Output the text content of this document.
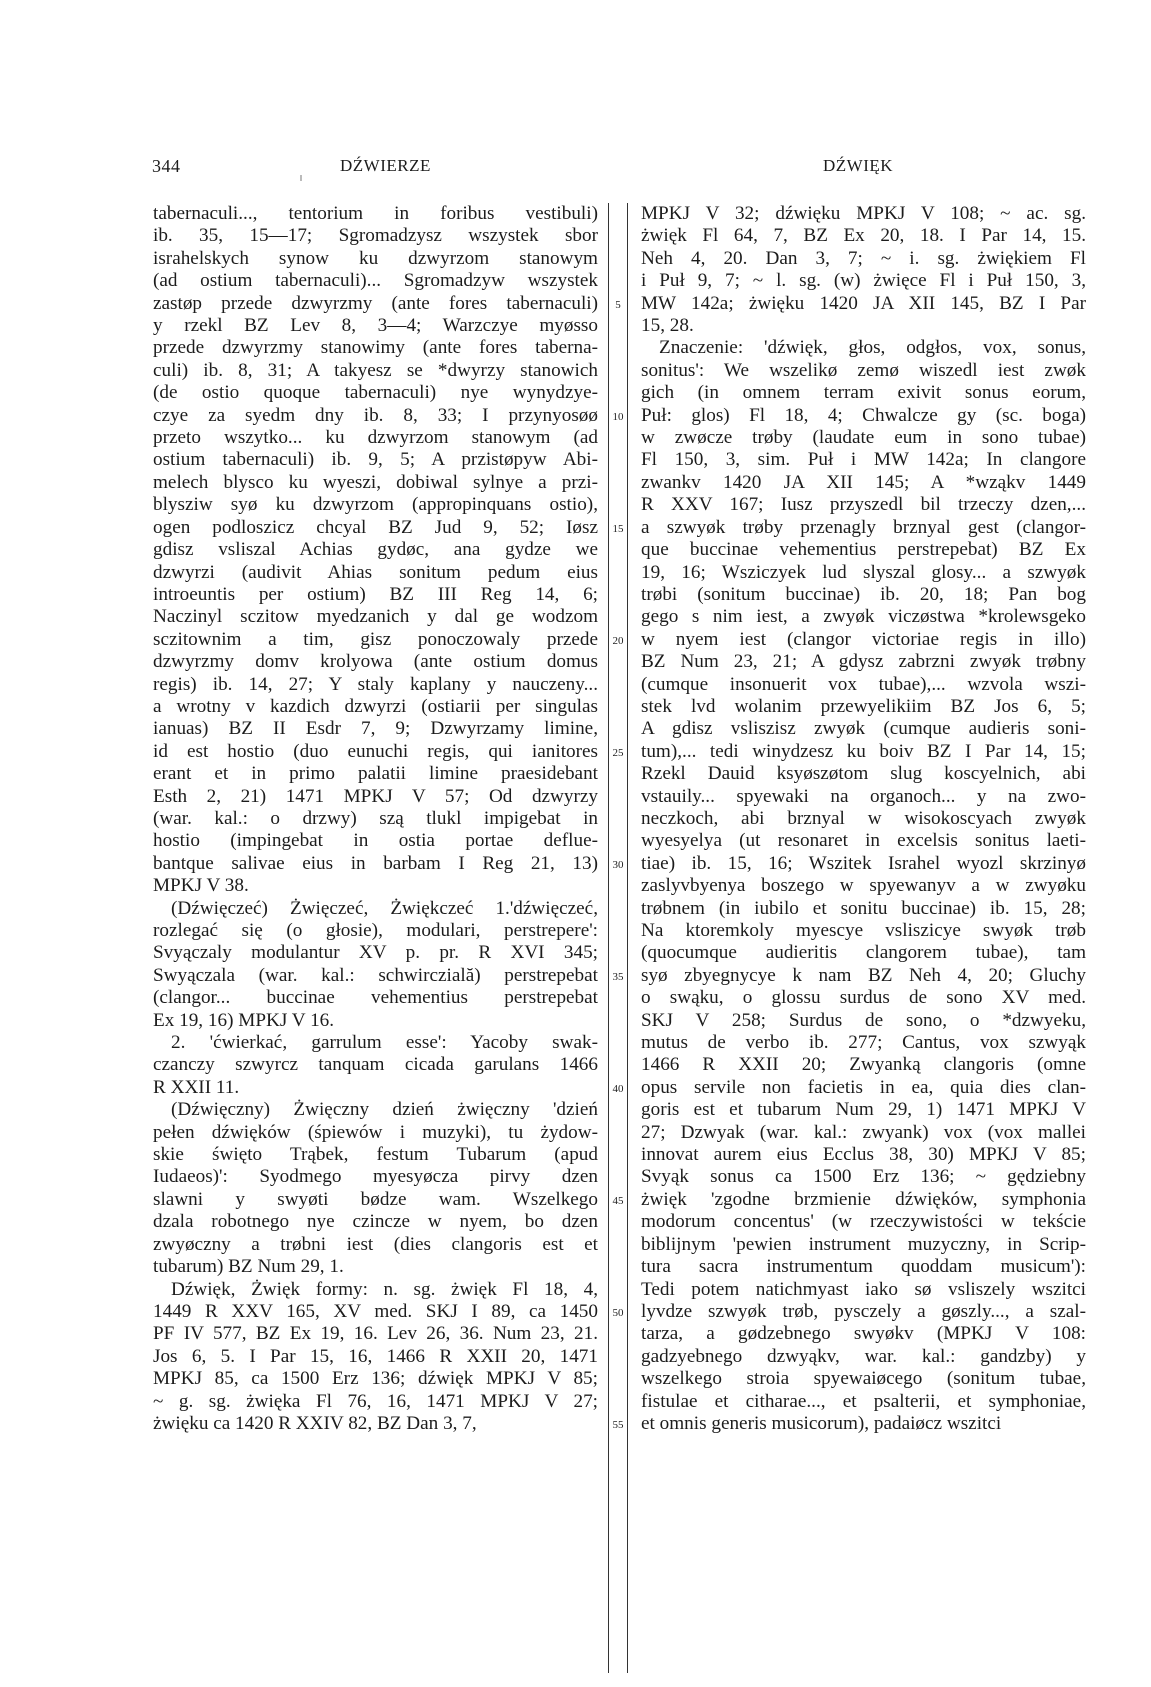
344	DŹWIERZE	DŹWIĘK
tabernaculi..., tentorium in foribus vestibuli)
ib. 35, 15—17; Sgromadzysz wszystek sbor
israhelskych synow ku dzwyrzom stanowym
(ad ostium tabernaculi)... Sgromadzyw wszystek
zastøp przede dzwyrzmy (ante fores tabernaculi)
y rzekl BZ Lev 8, 3—4; Warzczye myøsso
przede dzwyrzmy stanowimy (ante fores taberna-
culi) ib. 8, 31; A takyesz se *dwyrzy stanowich
(de ostio quoque tabernaculi) nye wynydzye-
czye za syedm dny ib. 8, 33; I przynyosøø
przeto wszytko... ku dzwyrzom stanowym (ad
ostium tabernaculi) ib. 9, 5; A przistøpyw Abi-
melech blysco ku wyeszi, dobiwal sylnye a przi-
blysziw syø ku dzwyrzom (appropinquans ostio),
ogen podloszicz chcyal BZ Jud 9, 52; Iøsz
gdisz vsliszal Achias gydøc, ana gydze we
dzwyrzi (audivit Ahias sonitum pedum eius
introeuntis per ostium) BZ III Reg 14, 6;
Naczinyl sczitow myedzanich y dal ge wodzom
sczitownim a tim, gisz ponoczowaly przede
dzwyrzmy domv krolyowa (ante ostium domus
regis) ib. 14, 27; Y staly kaplany y nauczeny...
a wrotny v kazdich dzwyrzi (ostiarii per singulas
ianuas) BZ II Esdr 7, 9; Dzwyrzamy limine,
id est hostio (duo eunuchi regis, qui ianitores
erant et in primo palatii limine praesidebant
Esth 2, 21) 1471 MPKJ V 57; Od dzwyrzy
(war. kal.: o drzwy) szą tlukl impigebat in
hostio (impingebat in ostia portae deflue-
bantque salivae eius in barbam I Reg 21, 13)
MPKJ V 38.
(Dźwięczeć) Żwięczeć, Żwiękczeć 1.'dźwięczeć,
rozlegać się (o głosie), modulari, perstrepere':
Svyączaly modulantur XV p. pr. R XVI 345;
Swyączala (war. kal.: schwirczială) perstrepebat
(clangor... buccinae vehementius perstrepebat
Ex 19, 16) MPKJ V 16.
2. 'ćwierkać, garrulum esse': Yacoby swak-
czanczy szwyrcz tanquam cicada garulans 1466
R XXII 11.
(Dźwięczny) Żwięczny dzień żwięczny 'dzień
pełen dźwięków (śpiewów i muzyki), tu żydow-
skie święto Trąbek, festum Tubarum (apud
Iudaeos)': Syodmego myesyøcza pirvy dzen
slawni y swyøti bødze wam. Wszelkego
dzala robotnego nye czincze w nyem, bo dzen
zwyøczny a trøbni iest (dies clangoris est et
tubarum) BZ Num 29, 1.
Dźwięk, Żwięk formy: n. sg. żwięk Fl 18, 4,
1449 R XXV 165, XV med. SKJ I 89, ca 1450
PF IV 577, BZ Ex 19, 16. Lev 26, 36. Num 23, 21.
Jos 6, 5. I Par 15, 16, 1466 R XXII 20, 1471
MPKJ 85, ca 1500 Erz 136; dźwięk MPKJ V 85;
~ g. sg. żwięka Fl 76, 16, 1471 MPKJ V 27;
żwięku ca 1420 R XXIV 82, BZ Dan 3, 7,
5
10
15
20
25
30
35
40
45
50
55
MPKJ V 32; dźwięku MPKJ V 108; ~ ac. sg.
żwięk Fl 64, 7, BZ Ex 20, 18. I Par 14, 15.
Neh 4, 20. Dan 3, 7; ~ i. sg. żwiękiem Fl
i Puł 9, 7; ~ l. sg. (w) żwięce Fl i Puł 150, 3,
MW 142a; żwięku 1420 JA XII 145, BZ I Par
15, 28.
Znaczenie: 'dźwięk, głos, odgłos, vox, sonus,
sonitus': We wszelikø zemø wiszedl iest zwøk
gich (in omnem terram exivit sonus eorum,
Puł: glos) Fl 18, 4; Chwalcze gy (sc. boga)
w zwøcze trøby (laudate eum in sono tubae)
Fl 150, 3, sim. Puł i MW 142a; In clangore
zwankv 1420 JA XII 145; A *wząkv 1449
R XXV 167; Iusz przyszedl bil trzeczy dzen,...
a szwyøk trøby przenagly brznyal gest (clangor-
que buccinae vehementius perstrepebat) BZ Ex
19, 16; Wsziczyek lud slyszal glosy... a szwyøk
trøbi (sonitum buccinae) ib. 20, 18; Pan bog
gego s nim iest, a zwyøk viczøstwa *krolewsgeko
w nyem iest (clangor victoriae regis in illo)
BZ Num 23, 21; A gdysz zabrzni zwyøk trøbny
(cumque insonuerit vox tubae),... wzvola wszi-
stek lvd wolanim przewyelikiim BZ Jos 6, 5;
A gdisz vsliszisz zwyøk (cumque audieris soni-
tum),... tedi winydzesz ku boiv BZ I Par 14, 15;
Rzekl Dauid ksyøszøtom slug koscyelnich, abi
vstauily... spyewaki na organoch... y na zwo-
neczkoch, abi brznyal w wisokoscyach zwyøk
wyesyelya (ut resonaret in excelsis sonitus laeti-
tiae) ib. 15, 16; Wszitek Israhel wyozl skrzinyø
zaslyvbyenya boszego w spyewanyv a w zwyøku
trøbnem (in iubilo et sonitu buccinae) ib. 15, 28;
Na ktoremkoly myescye vsliszicye swyøk trøb
(quocumque audieritis clangorem tubae), tam
syø zbyegnycye k nam BZ Neh 4, 20; Gluchy
o swąku, o glossu surdus de sono XV med.
SKJ V 258; Surdus de sono, o *dzwyeku,
mutus de verbo ib. 277; Cantus, vox szwyąk
1466 R XXII 20; Zwyanką clangoris (omne
opus servile non facietis in ea, quia dies clan-
goris est et tubarum Num 29, 1) 1471 MPKJ V
27; Dzwyak (war. kal.: zwyank) vox (vox mallei
innovat aurem eius Ecclus 38, 30) MPKJ V 85;
Svyąk sonus ca 1500 Erz 136; ~ gędziebny
żwięk 'zgodne brzmienie dźwięków, symphonia
modorum concentus' (w rzeczywistości w tekście
biblijnym 'pewien instrument muzyczny, in Scrip-
tura sacra instrumentum quoddam musicum'):
Tedi potem natichmyast iako sø vsliszely wszitci
lyvdze szwyøk trøb, pysczely a gøszly..., a szal-
tarza, a gødzebnego swyøkv (MPKJ V 108:
gadzyebnego dzwyąkv, war. kal.: gandzby) y
wszelkego stroia spyewaiøcego (sonitum tubae,
fistulae et citharae..., et psalterii, et symphoniae,
et omnis generis musicorum), padaiøcz wszitci
